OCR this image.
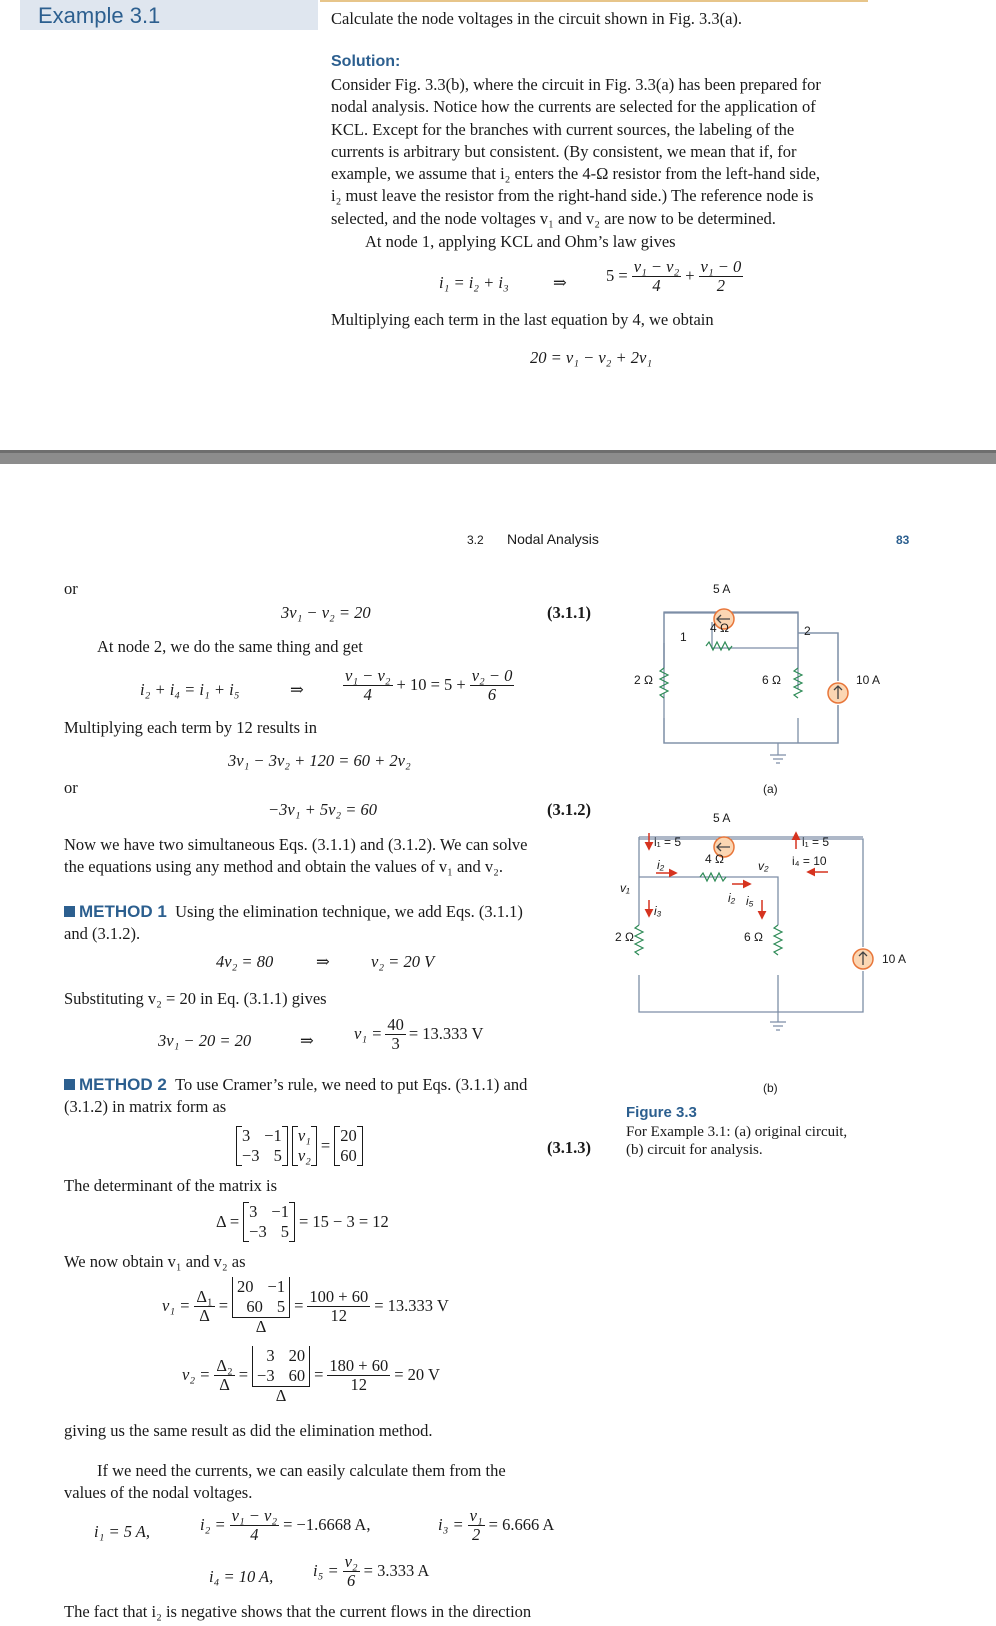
Example 3.1	Calculate the node voltages in the circuit shown in Fig. 3.3(a).
Solution:
Consider Fig. 3.3(b), where the circuit in Fig. 3.3(a) has been prepared for
nodal analysis. Notice how the currents are selected for the application of
KCL. Except for the branches with current sources, the labeling of the
currents is arbitrary but consistent. (By consistent, we mean that if, for
example, we assume that i₂ enters the 4-Ω resistor from the left-hand side,
i₂ must leave the resistor from the right-hand side.) The reference node is
selected, and the node voltages v₁ and v₂ are now to be determined.
At node 1, applying KCL and Ohm’s law gives
i₁ = i₂ + i₃	⇒ $5 = \frac{\text{v₁ − v₂}}{4} + \frac{\text{v₁ − 0}}{2}$
Multiplying each term in the last equation by 4, we obtain
20 = v₁ − v₂ + 2v₁
3.2 Nodal Analysis	83
or
3v₁ − v₂ = 20	(3.1.1)
At node 2, we do the same thing and get
i₂ + i₄ = i₁ + i₅	⇒ $\frac{\text{v₁ − v₂}}{4} + 10 = 5 + \frac{\text{v₂ − 0}}{6}$
Multiplying each term by 12 results in
3v₁ − 3v₂ + 120 = 60 + 2v₂
or
−3v₁ + 5v₂ = 60	(3.1.2)
Now we have two simultaneous Eqs. (3.1.1) and (3.1.2). We can solve
the equations using any method and obtain the values of v₁ and v₂.
METHOD 1 Using the elimination technique, we add Eqs. (3.1.1)
and (3.1.2).
4v₂ = 80	⇒ v₂ = 20 V
Substituting v₂ = 20 in Eq. (3.1.1) gives
3v₁ − 20 = 20	⇒ $v_1 = \frac{40}{3} = 13.333$ V
METHOD 2 To use Cramer’s rule, we need to put Eqs. (3.1.1) and
(3.1.2) in matrix form as
3 −1
−3 5
v₁
v₂
=
20
60	(3.1.3)
The determinant of the matrix is
Δ =
3 −1
−3 5
= 15 − 3 = 12
We now obtain v₁ and v₂ as
$v_1 = \frac{\text{Δ₁}}{\Delta} = 20 -1$
60 5
$\Delta = \frac{100 + 60}{12} = 13.333$ V
$v_2 = \frac{\text{Δ₂}}{\Delta} = 3$ 20
−3 60
$\Delta = \frac{180 + 60}{12} = 20$ V
giving us the same result as did the elimination method.
If we need the currents, we can easily calculate them from the
values of the nodal voltages.
i₁ = 5 A,	$i_2 = \frac{\text{v₁ − v₂}}{4} = -1.6668$ A,	$i_3 = \frac{\text{v₁}}{2} = 6.666$ A
i₄ = 10 A, $i_5 = \frac{\text{v₂}}{6} = 3.333$ A
The fact that i₂ is negative shows that the current flows in the direction
5 A
4 Ω
1	2
2 Ω	6 Ω	10 A
(a)
5 A
4 Ω
i₁ = 5
i₂	v₂
i₁ = 5
i₄ = 10
v₁
i₃
i₂ i₅
2 Ω	6 Ω
10 A
(b)
Figure 3.3
For Example 3.1: (a) original circuit,
(b) circuit for analysis.
